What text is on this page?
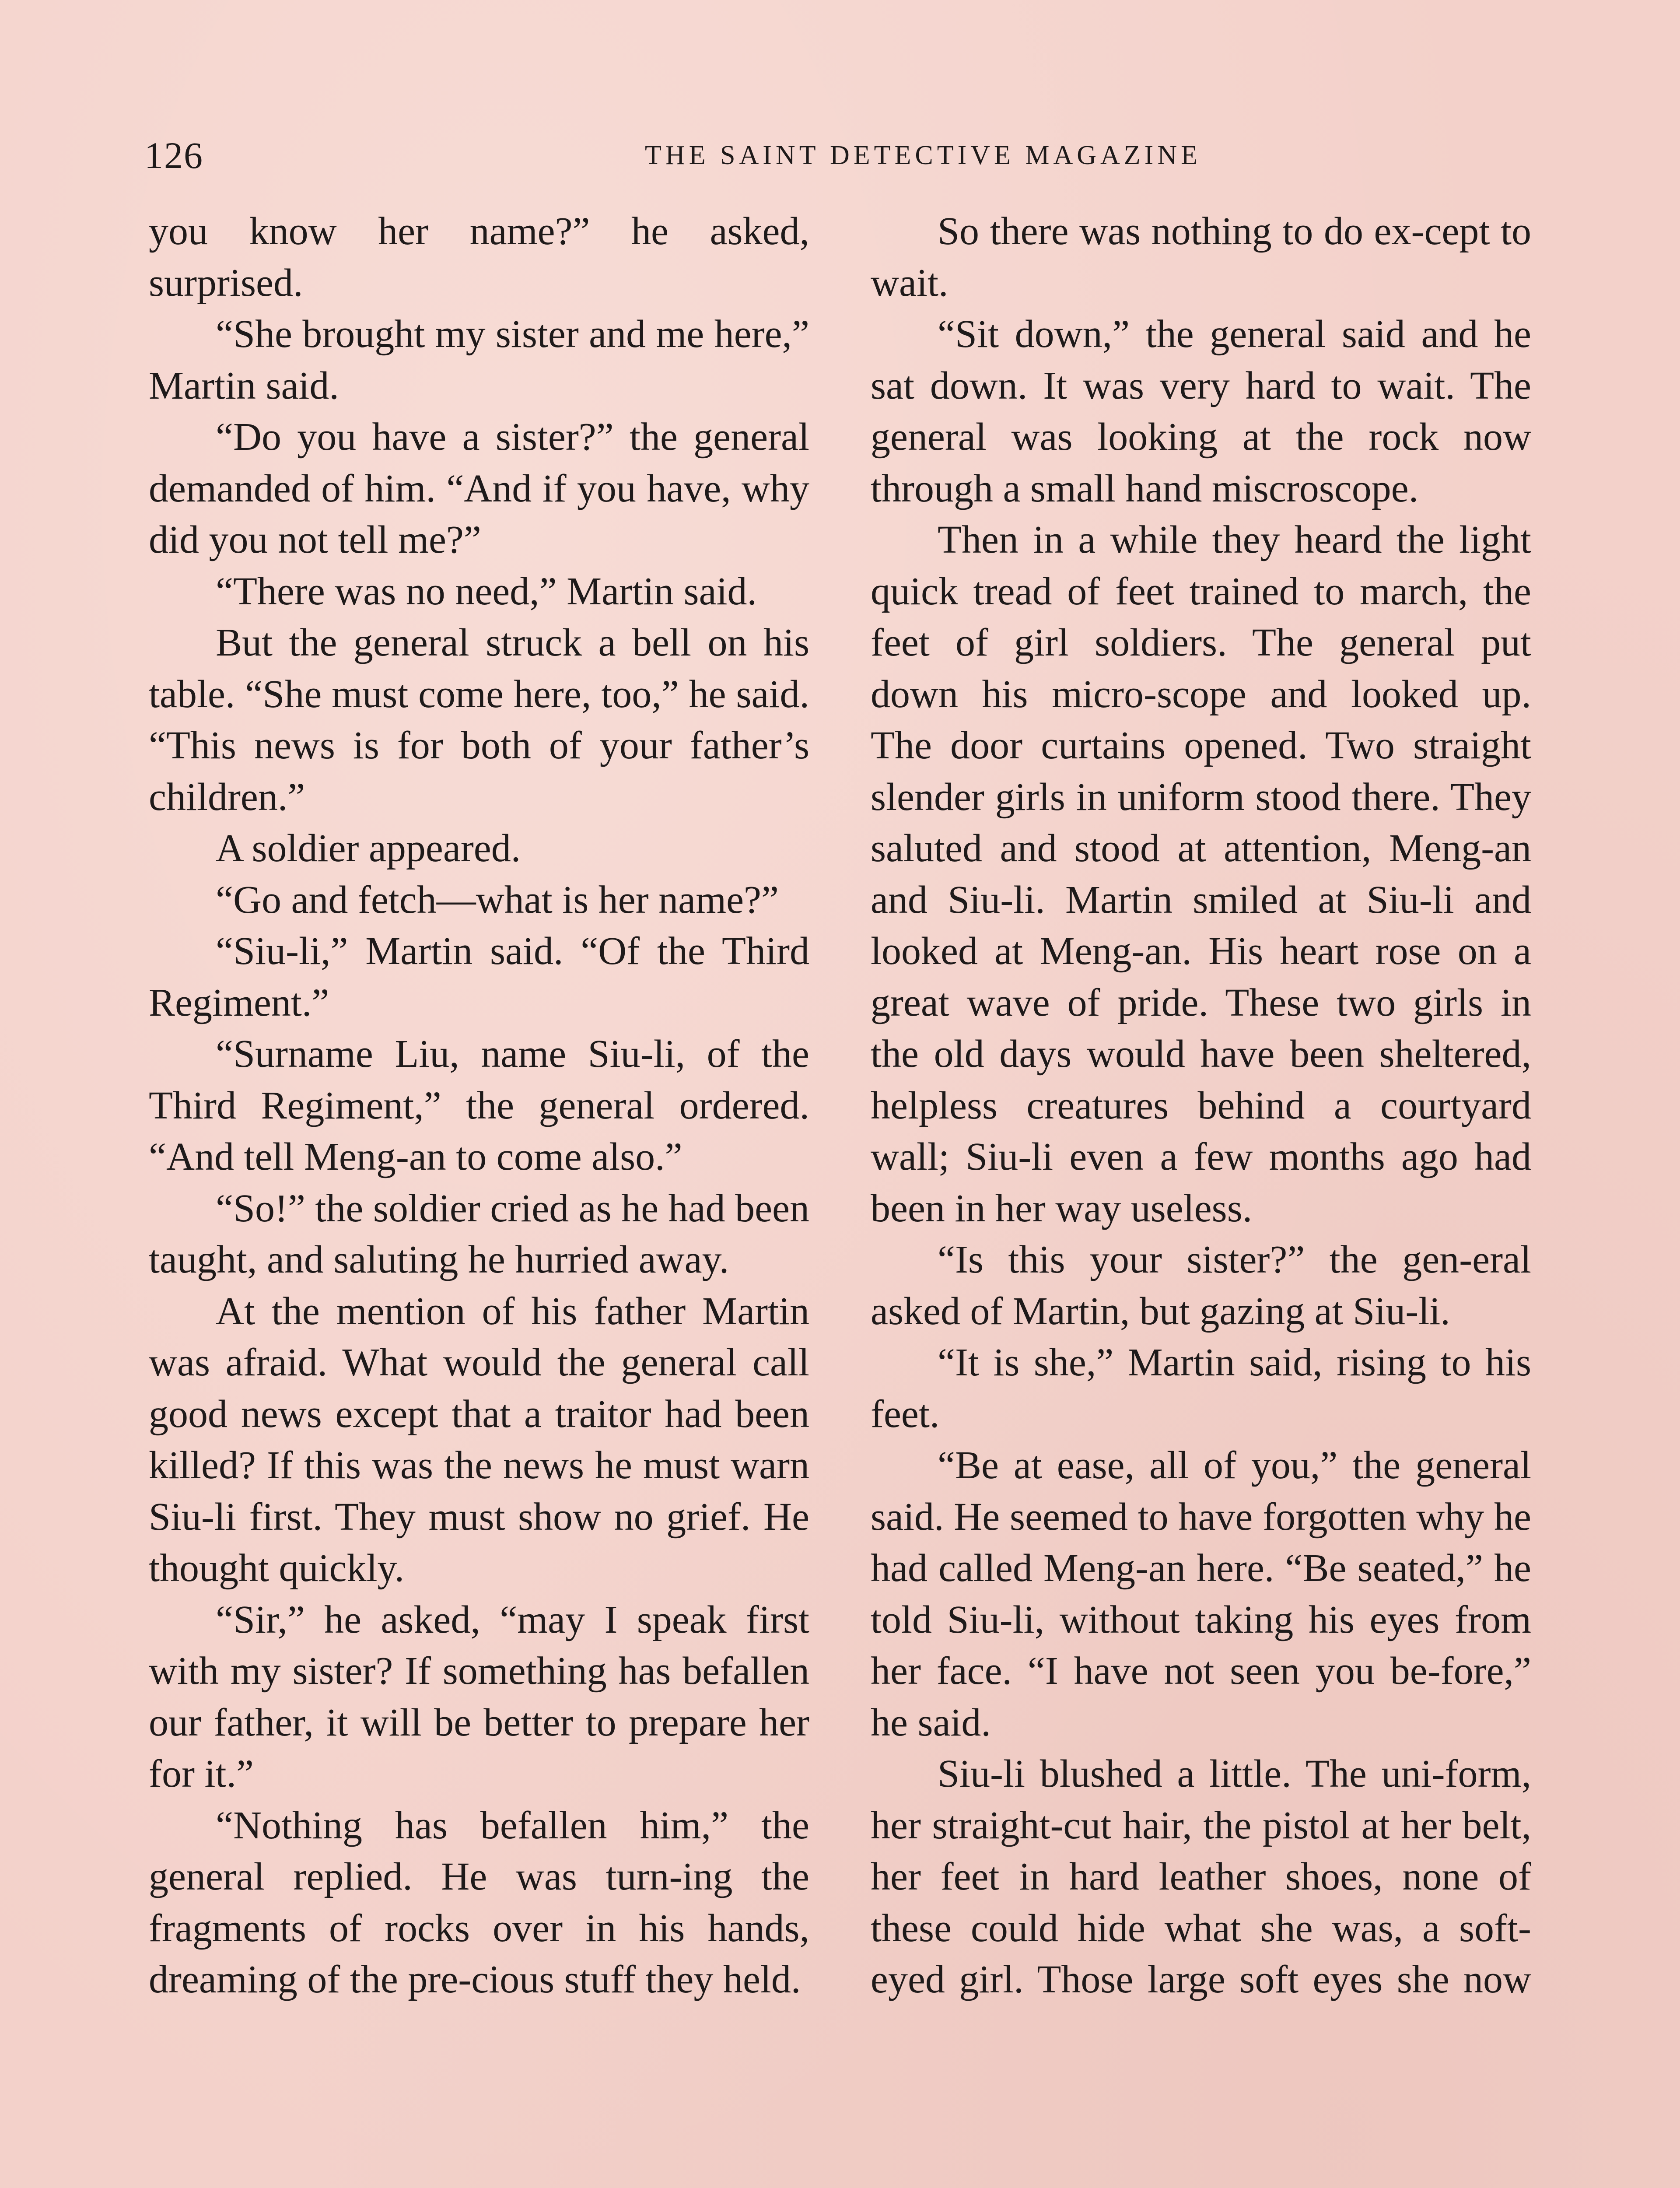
126	THE SAINT DETECTIVE MAGAZINE

you know her name?” he asked, surprised.

“She brought my sister and me here,” Martin said.

“Do you have a sister?” the general demanded of him. “And if you have, why did you not tell me?”

“There was no need,” Martin said.

But the general struck a bell on his table. “She must come here, too,” he said. “This news is for both of your father’s children.”

A soldier appeared.

“Go and fetch—what is her name?”

“Siu-li,” Martin said. “Of the Third Regiment.”

“Surname Liu, name Siu-li, of the Third Regiment,” the general ordered. “And tell Meng-an to come also.”

“So!” the soldier cried as he had been taught, and saluting he hurried away.

At the mention of his father Martin was afraid. What would the general call good news except that a traitor had been killed? If this was the news he must warn Siu-li first. They must show no grief. He thought quickly.

“Sir,” he asked, “may I speak first with my sister? If something has befallen our father, it will be better to prepare her for it.”

“Nothing has befallen him,” the general replied. He was turn-ing the fragments of rocks over in his hands, dreaming of the pre-cious stuff they held.

So there was nothing to do ex-cept to wait.

“Sit down,” the general said and he sat down. It was very hard to wait. The general was looking at the rock now through a small hand miscroscope.

Then in a while they heard the light quick tread of feet trained to march, the feet of girl soldiers. The general put down his micro-scope and looked up. The door curtains opened. Two straight slender girls in uniform stood there. They saluted and stood at attention, Meng-an and Siu-li. Martin smiled at Siu-li and looked at Meng-an. His heart rose on a great wave of pride. These two girls in the old days would have been sheltered, helpless creatures behind a courtyard wall; Siu-li even a few months ago had been in her way useless.

“Is this your sister?” the gen-eral asked of Martin, but gazing at Siu-li.

“It is she,” Martin said, rising to his feet.

“Be at ease, all of you,” the general said. He seemed to have forgotten why he had called Meng-an here. “Be seated,” he told Siu-li, without taking his eyes from her face. “I have not seen you be-fore,” he said.

Siu-li blushed a little. The uni-form, her straight-cut hair, the pistol at her belt, her feet in hard leather shoes, none of these could hide what she was, a soft-eyed girl. Those large soft eyes she now
